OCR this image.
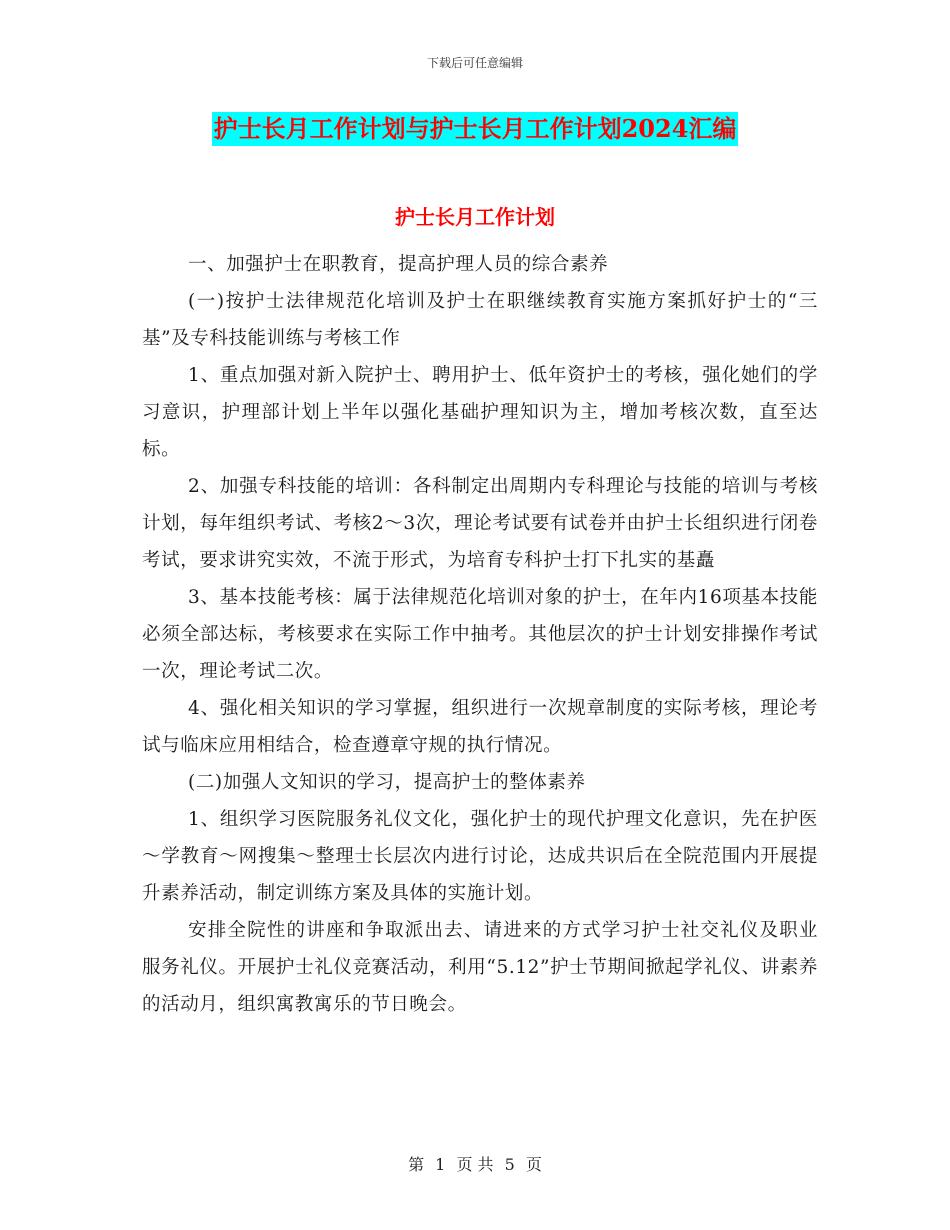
下载后可任意编辑
护士长月工作计划与护士长月工作计划2024汇编
护士长月工作计划

一、加强护士在职教育，提高护理人员的综合素养

(一)按护士法律规范化培训及护士在职继续教育实施方案抓好护士的“三基”及专科技能训练与考核工作

1、重点加强对新入院护士、聘用护士、低年资护士的考核，强化她们的学习意识，护理部计划上半年以强化基础护理知识为主，增加考核次数，直至达标。

2、加强专科技能的培训：各科制定出周期内专科理论与技能的培训与考核计划，每年组织考试、考核2～3次，理论考试要有试卷并由护士长组织进行闭卷考试，要求讲究实效，不流于形式，为培育专科护士打下扎实的基矗

3、基本技能考核：属于法律规范化培训对象的护士，在年内16项基本技能必须全部达标，考核要求在实际工作中抽考。其他层次的护士计划安排操作考试一次，理论考试二次。

4、强化相关知识的学习掌握，组织进行一次规章制度的实际考核，理论考试与临床应用相结合，检查遵章守规的执行情况。

(二)加强人文知识的学习，提高护士的整体素养

1、组织学习医院服务礼仪文化，强化护士的现代护理文化意识，先在护医～学教育～网搜集～整理士长层次内进行讨论，达成共识后在全院范围内开展提升素养活动，制定训练方案及具体的实施计划。

安排全院性的讲座和争取派出去、请进来的方式学习护士社交礼仪及职业服务礼仪。开展护士礼仪竞赛活动，利用“5.12”护士节期间掀起学礼仪、讲素养的活动月，组织寓教寓乐的节日晚会。

第 1 页 共 5 页
